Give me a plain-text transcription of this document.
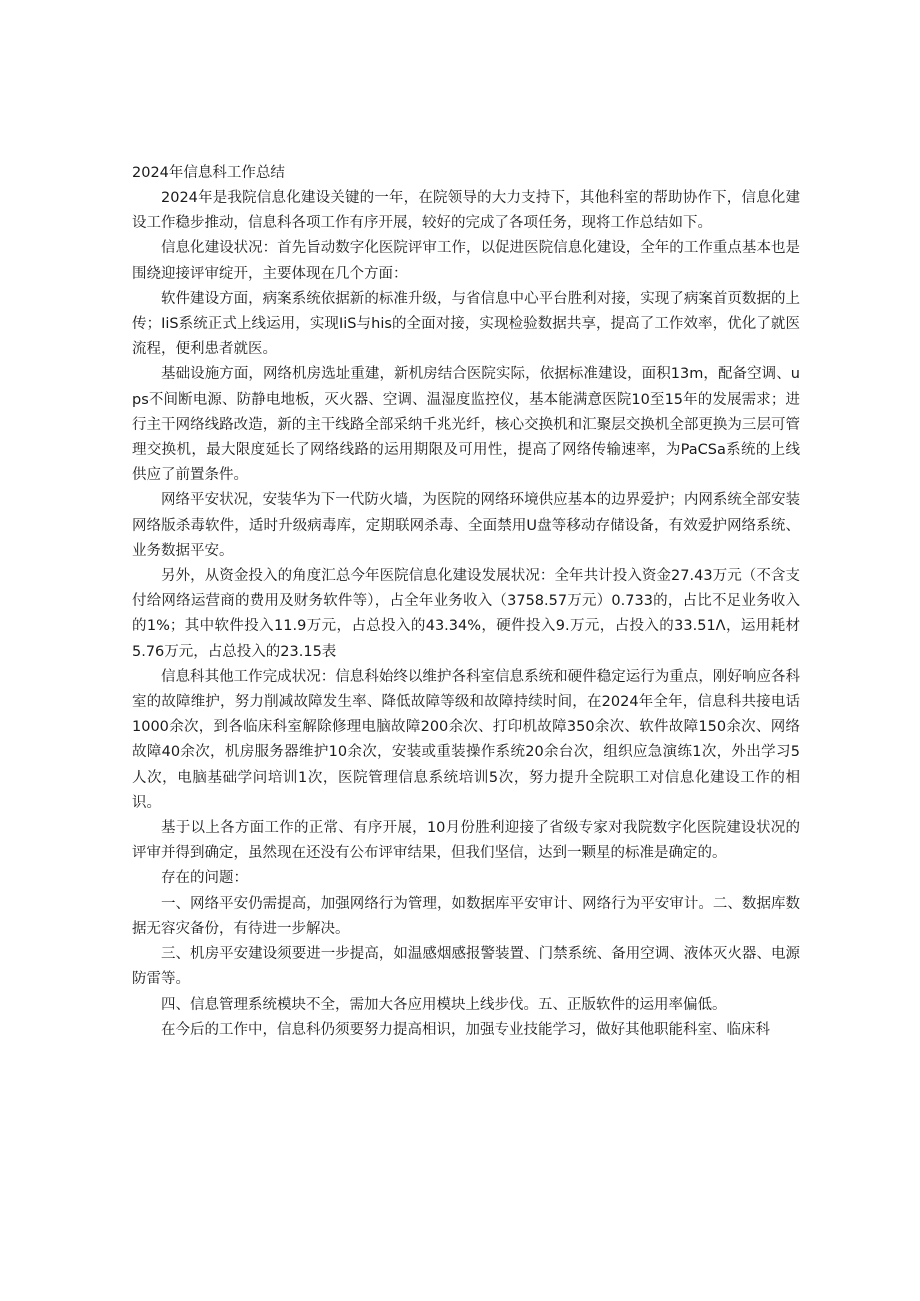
2024年信息科工作总结

2024年是我院信息化建设关键的一年，在院领导的大力支持下，其他科室的帮助协作下，信息化建设工作稳步推动，信息科各项工作有序开展，较好的完成了各项任务，现将工作总结如下。

信息化建设状况：首先旨动数字化医院评审工作，以促进医院信息化建设，全年的工作重点基本也是围绕迎接评审绽开，主要体现在几个方面：

软件建设方面，病案系统依据新的标准升级，与省信息中心平台胜利对接，实现了病案首页数据的上传；IiS系统正式上线运用，实现IiS与his的全面对接，实现检验数据共享，提高了工作效率，优化了就医流程，便利患者就医。

基础设施方面，网络机房选址重建，新机房结合医院实际，依据标准建设，面积13m，配备空调、ups不间断电源、防静电地板，灭火器、空调、温湿度监控仪，基本能满意医院10至15年的发展需求；进行主干网络线路改造，新的主干线路全部采纳千兆光纤，核心交换机和汇聚层交换机全部更换为三层可管理交换机，最大限度延长了网络线路的运用期限及可用性，提高了网络传输速率，为PaCSa系统的上线供应了前置条件。

网络平安状况，安装华为下一代防火墙，为医院的网络环境供应基本的边界爱护；内网系统全部安装网络版杀毒软件，适时升级病毒库，定期联网杀毒、全面禁用U盘等移动存储设备，有效爱护网络系统、业务数据平安。

另外，从资金投入的角度汇总今年医院信息化建设发展状况：全年共计投入资金27.43万元（不含支付给网络运营商的费用及财务软件等），占全年业务收入（3758.57万元）0.733的，占比不足业务收入的1%；其中软件投入11.9万元，占总投入的43.34%，硬件投入9.万元，占投入的33.51Λ，运用耗材5.76万元，占总投入的23.15表

信息科其他工作完成状况：信息科始终以维护各科室信息系统和硬件稳定运行为重点，刚好响应各科室的故障维护，努力削减故障发生率、降低故障等级和故障持续时间，在2024年全年，信息科共接电话1000余次，到各临床科室解除修理电脑故障200余次、打印机故障350余次、软件故障150余次、网络故障40余次，机房服务器维护10余次，安装或重装操作系统20余台次，组织应急演练1次，外出学习5人次，电脑基础学问培训1次，医院管理信息系统培训5次，努力提升全院职工对信息化建设工作的相识。

基于以上各方面工作的正常、有序开展，10月份胜利迎接了省级专家对我院数字化医院建设状况的评审并得到确定，虽然现在还没有公布评审结果，但我们坚信，达到一颗星的标准是确定的。

存在的问题：

一、网络平安仍需提高，加强网络行为管理，如数据库平安审计、网络行为平安审计。二、数据库数据无容灾备份，有待进一步解决。

三、机房平安建设须要进一步提高，如温感烟感报警装置、门禁系统、备用空调、液体灭火器、电源防雷等。

四、信息管理系统模块不全，需加大各应用模块上线步伐。五、正版软件的运用率偏低。

在今后的工作中，信息科仍须要努力提高相识，加强专业技能学习，做好其他职能科室、临床科
